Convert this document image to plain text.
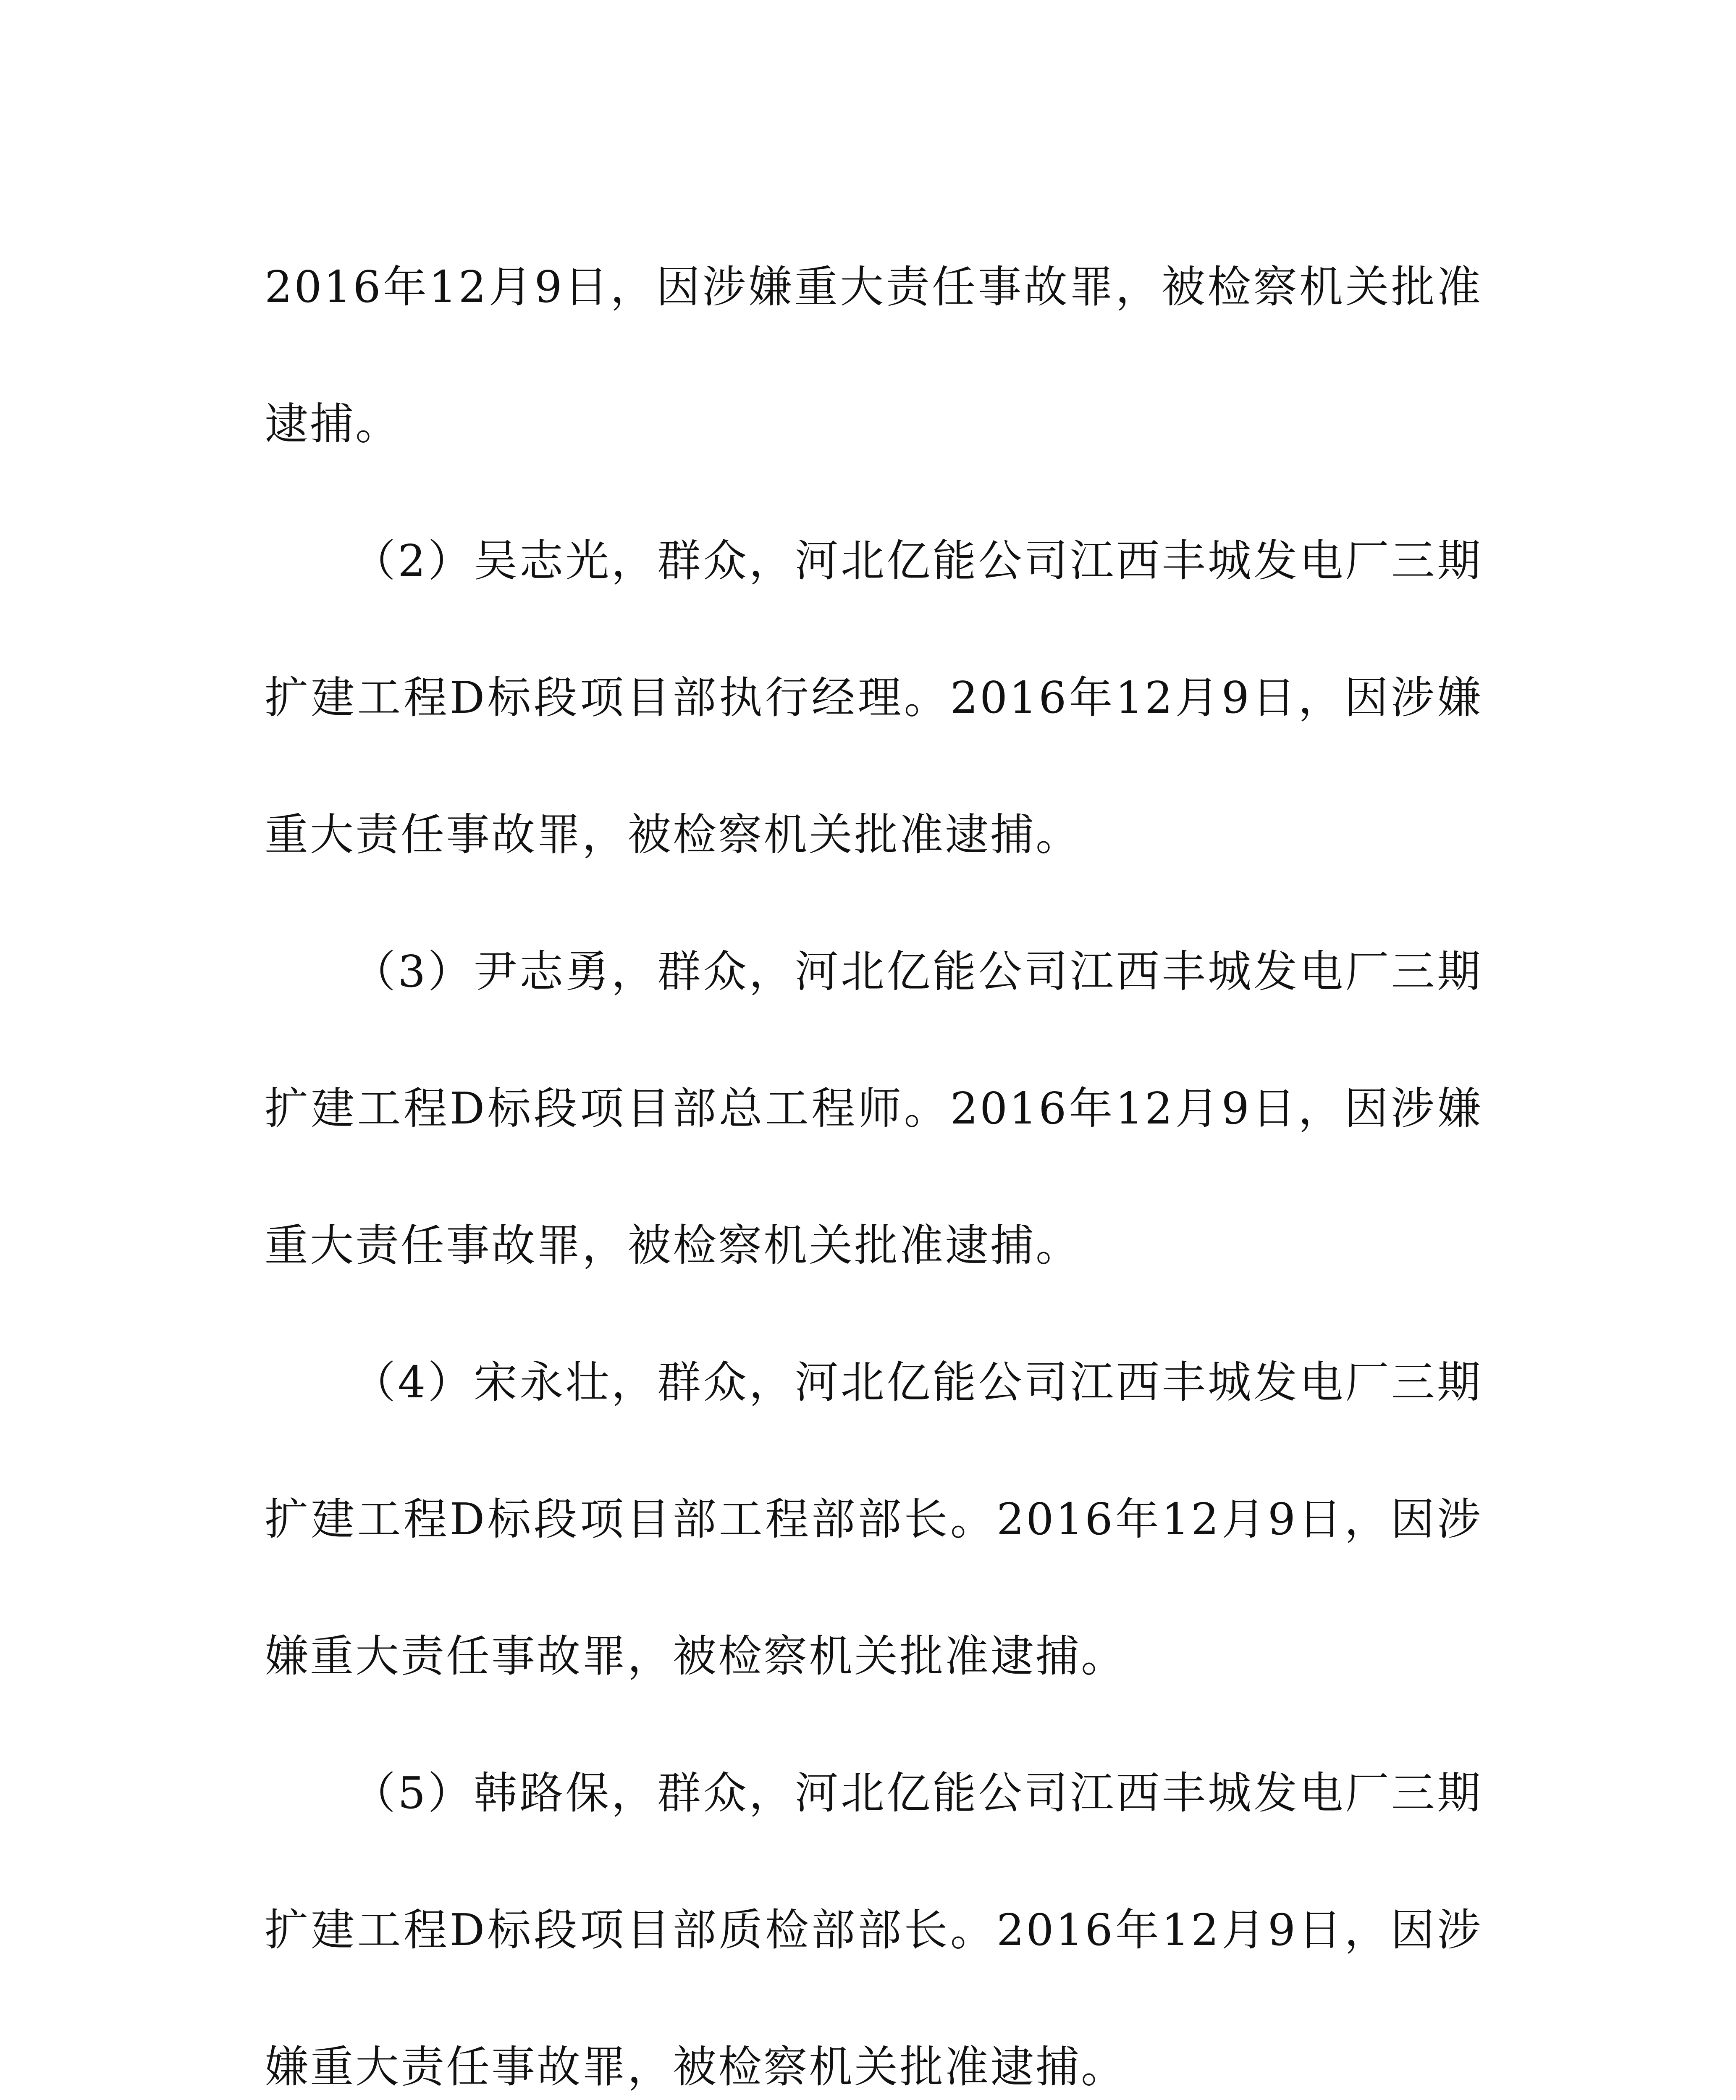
2016年12月9日，因涉嫌重大责任事故罪，被检察机关批准逮捕。

（2）吴志光，群众，河北亿能公司江西丰城发电厂三期扩建工程D标段项目部执行经理。2016年12月9日，因涉嫌重大责任事故罪，被检察机关批准逮捕。

（3）尹志勇，群众，河北亿能公司江西丰城发电厂三期扩建工程D标段项目部总工程师。2016年12月9日，因涉嫌重大责任事故罪，被检察机关批准逮捕。

（4）宋永壮，群众，河北亿能公司江西丰城发电厂三期扩建工程D标段项目部工程部部长。2016年12月9日，因涉嫌重大责任事故罪，被检察机关批准逮捕。

（5）韩路保，群众，河北亿能公司江西丰城发电厂三期扩建工程D标段项目部质检部部长。2016年12月9日，因涉嫌重大责任事故罪，被检察机关批准逮捕。
